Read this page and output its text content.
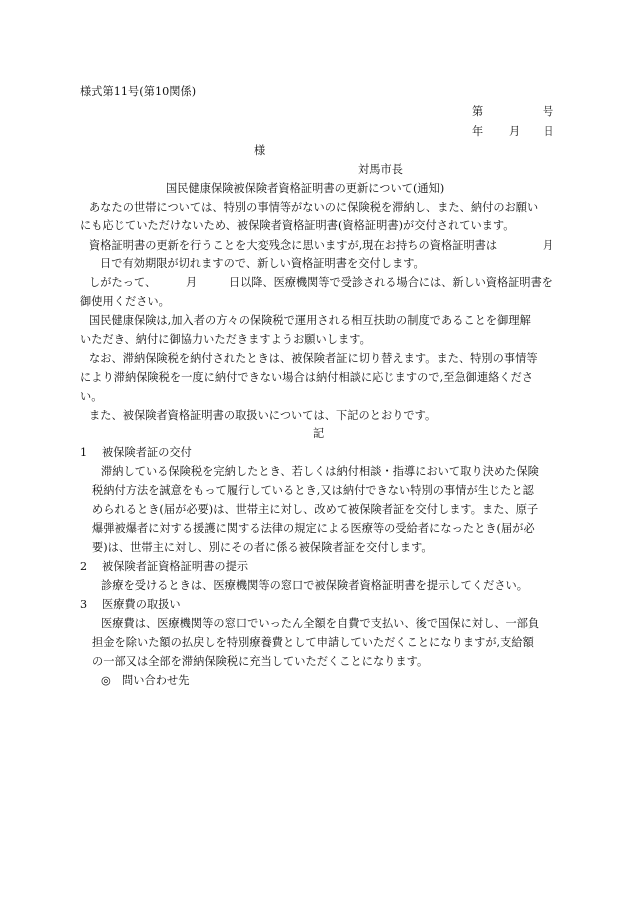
様式第11号(第10関係)
第	号
年 月 日
様
対馬市長
国民健康保険被保険者資格証明書の更新について(通知)
あなたの世帯については、特別の事情等がないのに保険税を滞納し、また、納付のお願い
にも応じていただけないため、被保険者資格証明書(資格証明書)が交付されています。
資格証明書の更新を行うことを大変残念に思いますが,現在お持ちの資格証明書は	月
日で有効期限が切れますので、新しい資格証明書を交付します。
しがたって、	月	日以降、医療機関等で受診される場合には、新しい資格証明書を
御使用ください。
国民健康保険は,加入者の方々の保険税で運用される相互扶助の制度であることを御理解
いただき、納付に御協力いただきますようお願いします。
なお、滞納保険税を納付されたときは、被保険者証に切り替えます。また、特別の事情等
により滞納保険税を一度に納付できない場合は納付相談に応じますので,至急御連絡くださ
い。
また、被保険者資格証明書の取扱いについては、下記のとおりです。
記
1 被保険者証の交付
滞納している保険税を完納したとき、若しくは納付相談・指導において取り決めた保険
税納付方法を誠意をもって履行しているとき,又は納付できない特別の事情が生じたと認
められるとき(届が必要)は、世帯主に対し、改めて被保険者証を交付します。また、原子
爆弾被爆者に対する援護に関する法律の規定による医療等の受給者になったとき(届が必
要)は、世帯主に対し、別にその者に係る被保険者証を交付します。
2 被保険者証資格証明書の提示
診療を受けるときは、医療機関等の窓口で被保険者資格証明書を提示してください。
3 医療費の取扱い
医療費は、医療機関等の窓口でいったん全額を自費で支払い、後で国保に対し、一部負
担金を除いた額の払戻しを特別療養費として申請していただくことになりますが,支給額
の一部又は全部を滞納保険税に充当していただくことになります。
◎　問い合わせ先
